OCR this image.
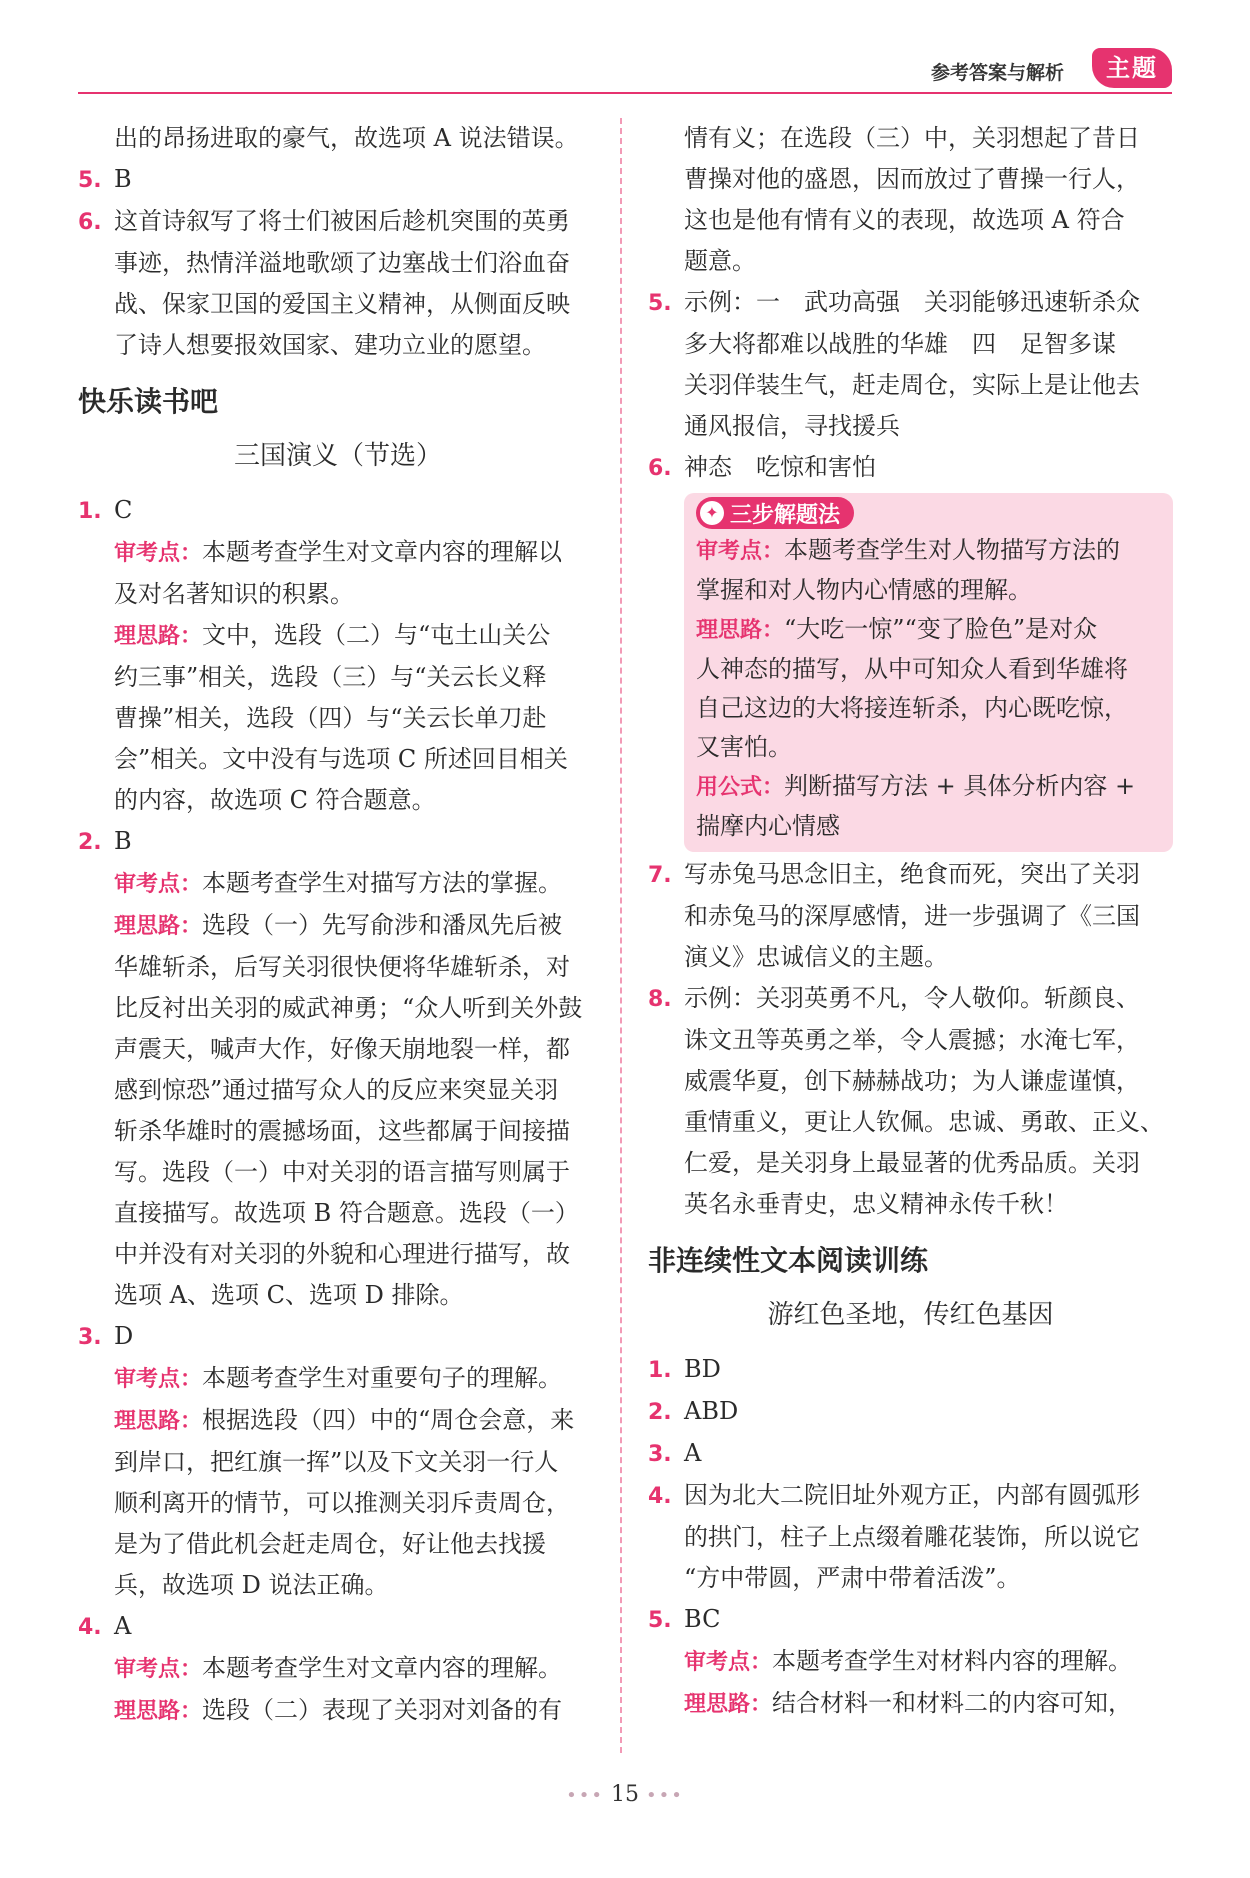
参考答案与解析	主题
出的昂扬进取的豪气，故选项 A 说法错误。
5. B
6. 这首诗叙写了将士们被困后趁机突围的英勇
事迹，热情洋溢地歌颂了边塞战士们浴血奋
战、保家卫国的爱国主义精神，从侧面反映
了诗人想要报效国家、建功立业的愿望。
快乐读书吧
三国演义（节选）
1. C
审考点：本题考查学生对文章内容的理解以
及对名著知识的积累。
理思路：文中，选段（二）与“屯土山关公
约三事”相关，选段（三）与“关云长义释
曹操”相关，选段（四）与“关云长单刀赴
会”相关。文中没有与选项 C 所述回目相关
的内容，故选项 C 符合题意。
2. B
审考点：本题考查学生对描写方法的掌握。
理思路：选段（一）先写俞涉和潘凤先后被
华雄斩杀，后写关羽很快便将华雄斩杀，对
比反衬出关羽的威武神勇；“众人听到关外鼓
声震天，喊声大作，好像天崩地裂一样，都
感到惊恐”通过描写众人的反应来突显关羽
斩杀华雄时的震撼场面，这些都属于间接描
写。选段（一）中对关羽的语言描写则属于
直接描写。故选项 B 符合题意。选段（一）
中并没有对关羽的外貌和心理进行描写，故
选项 A、选项 C、选项 D 排除。
3. D
审考点：本题考查学生对重要句子的理解。
理思路：根据选段（四）中的“周仓会意，来
到岸口，把红旗一挥”以及下文关羽一行人
顺利离开的情节，可以推测关羽斥责周仓，
是为了借此机会赶走周仓，好让他去找援
兵，故选项 D 说法正确。
4. A
审考点：本题考查学生对文章内容的理解。
理思路：选段（二）表现了关羽对刘备的有
情有义；在选段（三）中，关羽想起了昔日
曹操对他的盛恩，因而放过了曹操一行人，
这也是他有情有义的表现，故选项 A 符合
题意。
5. 示例：一　武功高强　关羽能够迅速斩杀众
多大将都难以战胜的华雄　四　足智多谋
关羽佯装生气，赶走周仓，实际上是让他去
通风报信，寻找援兵
6. 神态　吃惊和害怕
✦ 三步解题法
审考点：本题考查学生对人物描写方法的
掌握和对人物内心情感的理解。
理思路：“大吃一惊”“变了脸色”是对众
人神态的描写，从中可知众人看到华雄将
自己这边的大将接连斩杀，内心既吃惊，
又害怕。
用公式：判断描写方法 + 具体分析内容 +
揣摩内心情感
7. 写赤兔马思念旧主，绝食而死，突出了关羽
和赤兔马的深厚感情，进一步强调了《三国
演义》忠诚信义的主题。
8. 示例：关羽英勇不凡，令人敬仰。斩颜良、
诛文丑等英勇之举，令人震撼；水淹七军，
威震华夏，创下赫赫战功；为人谦虚谨慎，
重情重义，更让人钦佩。忠诚、勇敢、正义、
仁爱，是关羽身上最显著的优秀品质。关羽
英名永垂青史，忠义精神永传千秋！
非连续性文本阅读训练
游红色圣地，传红色基因
1. BD
2. ABD
3. A
4. 因为北大二院旧址外观方正，内部有圆弧形
的拱门，柱子上点缀着雕花装饰，所以说它
“方中带圆，严肃中带着活泼”。
5. BC
审考点：本题考查学生对材料内容的理解。
理思路：结合材料一和材料二的内容可知，
••• 15 •••
